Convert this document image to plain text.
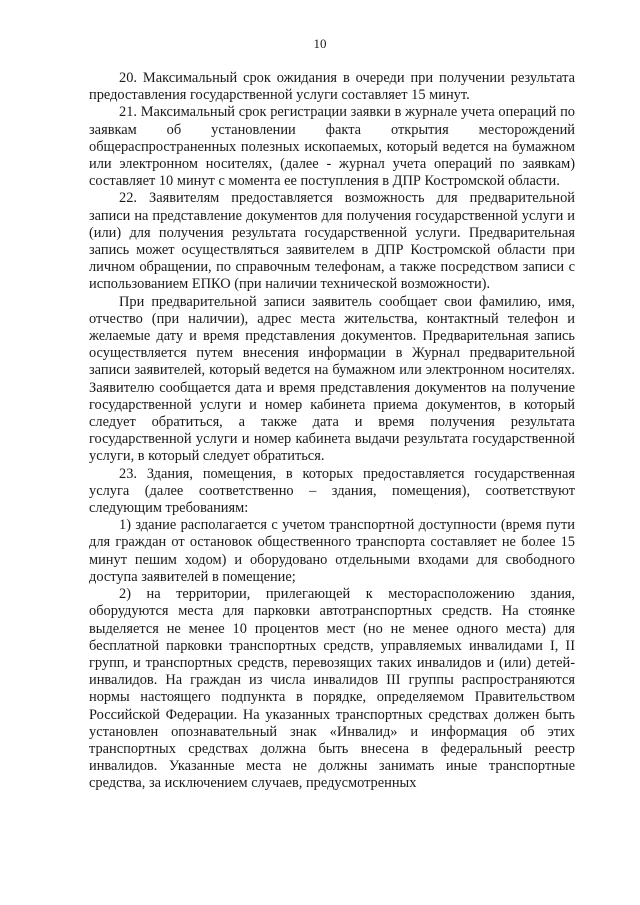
10

20. Максимальный срок ожидания в очереди при получении результата предоставления государственной услуги составляет 15 минут.

21. Максимальный срок регистрации заявки в журнале учета операций по заявкам об установлении факта открытия месторождений общераспространенных полезных ископаемых, который ведется на бумажном или электронном носителях, (далее - журнал учета операций по заявкам) составляет 10 минут с момента ее поступления в ДПР Костромской области.

22. Заявителям предоставляется возможность для предварительной записи на представление документов для получения государственной услуги и (или) для получения результата государственной услуги. Предварительная запись может осуществляться заявителем в ДПР Костромской области при личном обращении, по справочным телефонам, а также посредством записи с использованием ЕПКО (при наличии технической возможности).

При предварительной записи заявитель сообщает свои фамилию, имя, отчество (при наличии), адрес места жительства, контактный телефон и желаемые дату и время представления документов. Предварительная запись осуществляется путем внесения информации в Журнал предварительной записи заявителей, который ведется на бумажном или электронном носителях. Заявителю сообщается дата и время представления документов на получение государственной услуги и номер кабинета приема документов, в который следует обратиться, а также дата и время получения результата государственной услуги и номер кабинета выдачи результата государственной услуги, в который следует обратиться.

23. Здания, помещения, в которых предоставляется государственная услуга (далее соответственно – здания, помещения), соответствуют следующим требованиям:

1) здание располагается с учетом транспортной доступности (время пути для граждан от остановок общественного транспорта составляет не более 15 минут пешим ходом) и оборудовано отдельными входами для свободного доступа заявителей в помещение;

2) на территории, прилегающей к месторасположению здания, оборудуются места для парковки автотранспортных средств. На стоянке выделяется не менее 10 процентов мест (но не менее одного места) для бесплатной парковки транспортных средств, управляемых инвалидами I, II групп, и транспортных средств, перевозящих таких инвалидов и (или) детей-инвалидов. На граждан из числа инвалидов III группы распространяются нормы настоящего подпункта в порядке, определяемом Правительством Российской Федерации. На указанных транспортных средствах должен быть установлен опознавательный знак «Инвалид» и информация об этих транспортных средствах должна быть внесена в федеральный реестр инвалидов. Указанные места не должны занимать иные транспортные средства, за исключением случаев, предусмотренных
